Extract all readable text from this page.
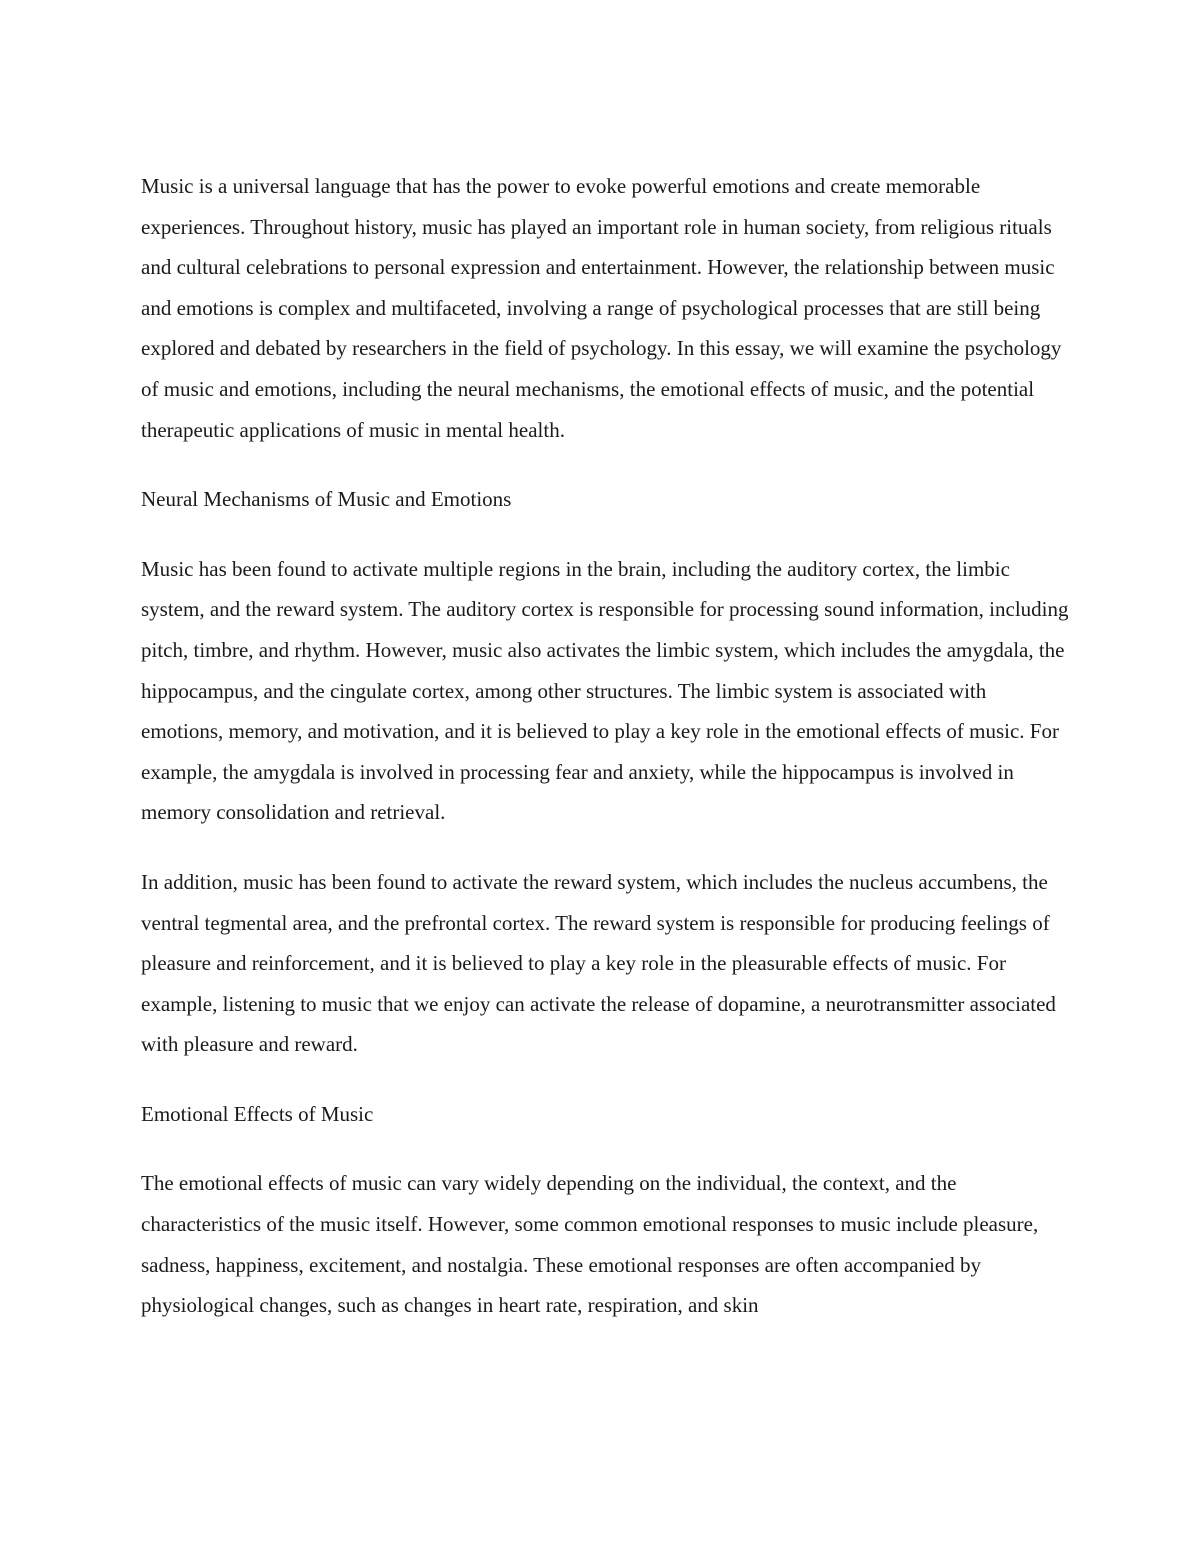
Music is a universal language that has the power to evoke powerful emotions and create memorable experiences. Throughout history, music has played an important role in human society, from religious rituals and cultural celebrations to personal expression and entertainment. However, the relationship between music and emotions is complex and multifaceted, involving a range of psychological processes that are still being explored and debated by researchers in the field of psychology. In this essay, we will examine the psychology of music and emotions, including the neural mechanisms, the emotional effects of music, and the potential therapeutic applications of music in mental health.

Neural Mechanisms of Music and Emotions

Music has been found to activate multiple regions in the brain, including the auditory cortex, the limbic system, and the reward system. The auditory cortex is responsible for processing sound information, including pitch, timbre, and rhythm. However, music also activates the limbic system, which includes the amygdala, the hippocampus, and the cingulate cortex, among other structures. The limbic system is associated with emotions, memory, and motivation, and it is believed to play a key role in the emotional effects of music. For example, the amygdala is involved in processing fear and anxiety, while the hippocampus is involved in memory consolidation and retrieval.

In addition, music has been found to activate the reward system, which includes the nucleus accumbens, the ventral tegmental area, and the prefrontal cortex. The reward system is responsible for producing feelings of pleasure and reinforcement, and it is believed to play a key role in the pleasurable effects of music. For example, listening to music that we enjoy can activate the release of dopamine, a neurotransmitter associated with pleasure and reward.

Emotional Effects of Music

The emotional effects of music can vary widely depending on the individual, the context, and the characteristics of the music itself. However, some common emotional responses to music include pleasure, sadness, happiness, excitement, and nostalgia. These emotional responses are often accompanied by physiological changes, such as changes in heart rate, respiration, and skin
